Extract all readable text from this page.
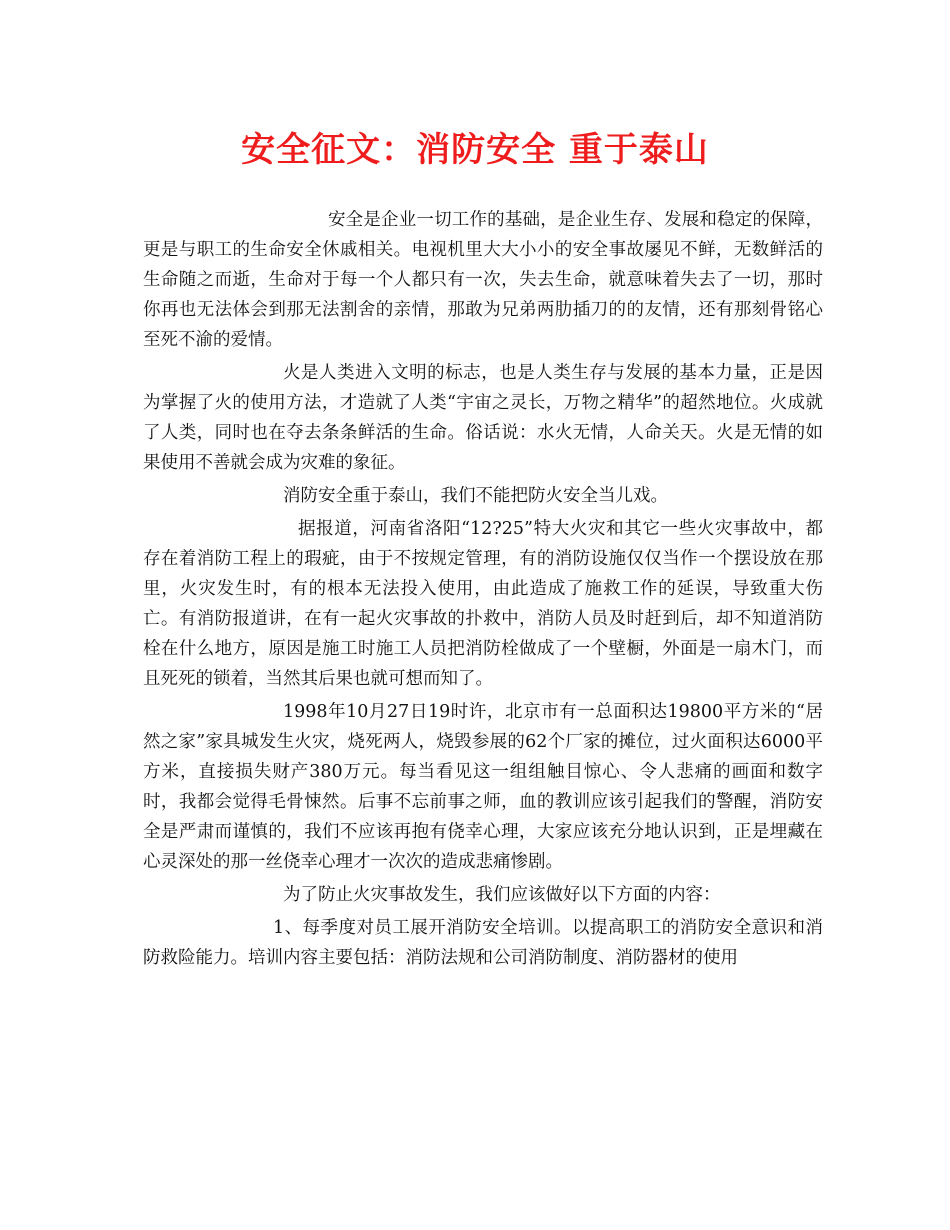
安全征文：消防安全 重于泰山

安全是企业一切工作的基础，是企业生存、发展和稳定的保障，更是与职工的生命安全休戚相关。电视机里大大小小的安全事故屡见不鲜，无数鲜活的生命随之而逝，生命对于每一个人都只有一次，失去生命，就意味着失去了一切，那时你再也无法体会到那无法割舍的亲情，那敢为兄弟两肋插刀的的友情，还有那刻骨铭心至死不渝的爱情。

火是人类进入文明的标志，也是人类生存与发展的基本力量，正是因为掌握了火的使用方法，才造就了人类“宇宙之灵长，万物之精华”的超然地位。火成就了人类，同时也在夺去条条鲜活的生命。俗话说：水火无情，人命关天。火是无情的如果使用不善就会成为灾难的象征。

消防安全重于泰山，我们不能把防火安全当儿戏。

据报道，河南省洛阳“12?25”特大火灾和其它一些火灾事故中，都存在着消防工程上的瑕疵，由于不按规定管理，有的消防设施仅仅当作一个摆设放在那里，火灾发生时，有的根本无法投入使用，由此造成了施救工作的延误，导致重大伤亡。有消防报道讲，在有一起火灾事故的扑救中，消防人员及时赶到后，却不知道消防栓在什么地方，原因是施工时施工人员把消防栓做成了一个壁橱，外面是一扇木门，而且死死的锁着，当然其后果也就可想而知了。

1998年10月27日19时许，北京市有一总面积达19800平方米的“居然之家”家具城发生火灾，烧死两人，烧毁参展的62个厂家的摊位，过火面积达6000平方米，直接损失财产380万元。每当看见这一组组触目惊心、令人悲痛的画面和数字时，我都会觉得毛骨悚然。后事不忘前事之师，血的教训应该引起我们的警醒，消防安全是严肃而谨慎的，我们不应该再抱有侥幸心理，大家应该充分地认识到，正是埋藏在心灵深处的那一丝侥幸心理才一次次的造成悲痛惨剧。

为了防止火灾事故发生，我们应该做好以下方面的内容：

1、每季度对员工展开消防安全培训。以提高职工的消防安全意识和消防救险能力。培训内容主要包括：消防法规和公司消防制度、消防器材的使用
